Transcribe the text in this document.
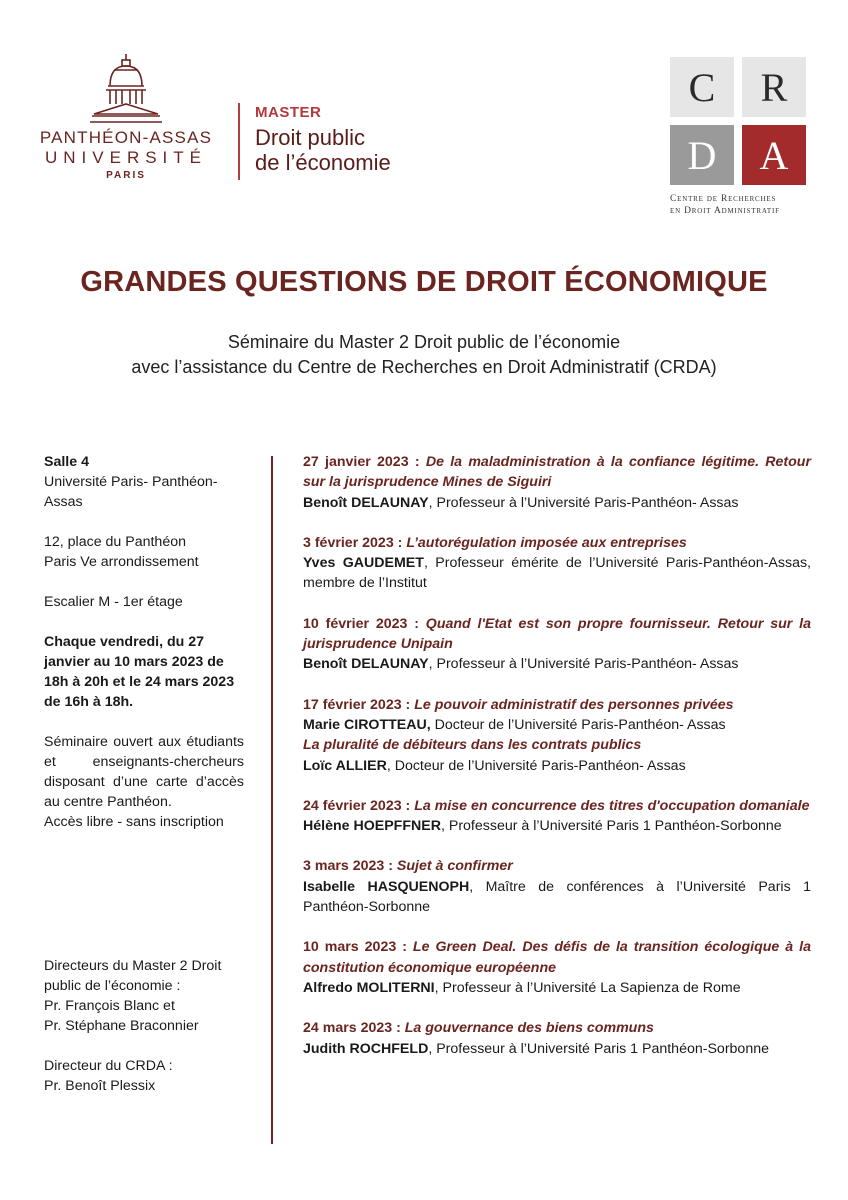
PANTHÉON-ASSAS
UNIVERSITÉ
PARIS
MASTER
Droit public
de l’économie
C	R
D	A
Centre de Recherches
en Droit Administratif
GRANDES QUESTIONS DE DROIT ÉCONOMIQUE
Séminaire du Master 2 Droit public de l’économie
avec l’assistance du Centre de Recherches en Droit Administratif (CRDA)

Salle 4

Université Paris- Panthéon-Assas

12, place du Panthéon

Paris Ve arrondissement

Escalier M - 1er étage

Chaque vendredi, du 27 janvier au 10 mars 2023 de 18h à 20h et le 24 mars 2023 de 16h à 18h.

Séminaire ouvert aux étudiants et enseignants-chercheurs disposant d’une carte d’accès au centre Panthéon.

Accès libre - sans inscription

Directeurs du Master 2 Droit public de l’économie :

Pr. François Blanc et

Pr. Stéphane Braconnier

Directeur du CRDA :

Pr. Benoît Plessix

27 janvier 2023 : De la maladministration à la confiance légitime. Retour sur la jurisprudence Mines de Siguiri
Benoît DELAUNAY, Professeur à l’Université Paris-Panthéon- Assas

3 février 2023 : L’autorégulation imposée aux entreprises
Yves GAUDEMET, Professeur émérite de l’Université Paris-Panthéon-Assas, membre de l’Institut

10 février 2023 : Quand l'Etat est son propre fournisseur. Retour sur la jurisprudence Unipain
Benoît DELAUNAY, Professeur à l’Université Paris-Panthéon- Assas

17 février 2023 : Le pouvoir administratif des personnes privées
Marie CIROTTEAU, Docteur de l’Université Paris-Panthéon- Assas
La pluralité de débiteurs dans les contrats publics
Loïc ALLIER, Docteur de l’Université Paris-Panthéon- Assas

24 février 2023 : La mise en concurrence des titres d'occupation domaniale
Hélène HOEPFFNER, Professeur à l’Université Paris 1 Panthéon-Sorbonne

3 mars 2023 : Sujet à confirmer
Isabelle HASQUENOPH, Maître de conférences à l’Université Paris 1 Panthéon-Sorbonne

10 mars 2023 : Le Green Deal. Des défis de la transition écologique à la constitution économique européenne
Alfredo MOLITERNI, Professeur à l’Université La Sapienza de Rome

24 mars 2023 : La gouvernance des biens communs
Judith ROCHFELD, Professeur à l’Université Paris 1 Panthéon-Sorbonne
